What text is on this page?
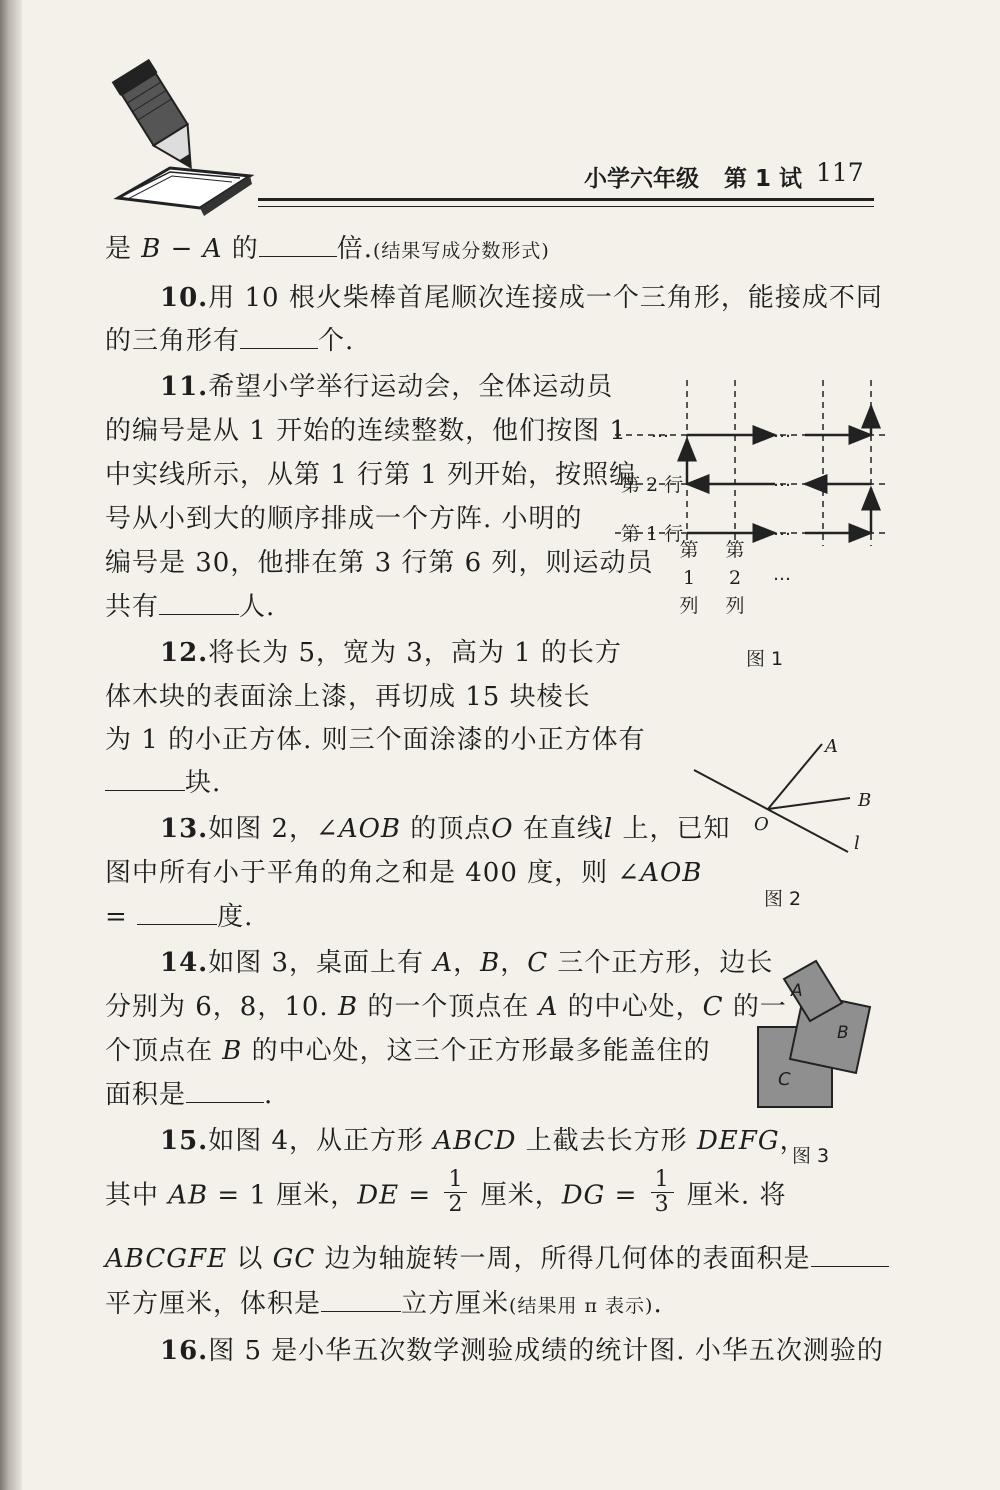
小学六年级 第 1 试 117
是 B − A 的	倍.(结果写成分数形式)
10.用 10 根火柴棒首尾顺次连接成一个三角形，能接成不同
的三角形有	个.
11.希望小学举行运动会，全体运动员
的编号是从 1 开始的连续整数，他们按图 1
中实线所示，从第 1 行第 1 列开始，按照编
号从小到大的顺序排成一个方阵. 小明的
编号是 30，他排在第 3 行第 6 列，则运动员
共有	人.
…	…
…
…
…
第 2 行
第 1 行
第
1
列
第
2
列
图 1
12.将长为 5，宽为 3，高为 1 的长方
体木块的表面涂上漆，再切成 15 块棱长
为 1 的小正方体. 则三个面涂漆的小正方体有
块.
A
B
O
l
图 2
13.如图 2，∠AOB 的顶点O 在直线l 上，已知
图中所有小于平角的角之和是 400 度，则 ∠AOB
=	度.
14.如图 3，桌面上有 A，B，C 三个正方形，边长
分别为 6，8，10. B 的一个顶点在 A 的中心处，C 的一
个顶点在 B 的中心处，这三个正方形最多能盖住的
面积是	.
A
B
C
图 3
15.如图 4，从正方形 ABCD 上截去长方形 DEFG，
其中 AB = 1 厘米，DE = $\frac{1}{2}$ 厘米，DG = $\frac{1}{3}$ 厘米. 将
ABCGFE 以 GC 边为轴旋转一周，所得几何体的表面积是
平方厘米，体积是	立方厘米(结果用 π 表示).
16.图 5 是小华五次数学测验成绩的统计图. 小华五次测验的
